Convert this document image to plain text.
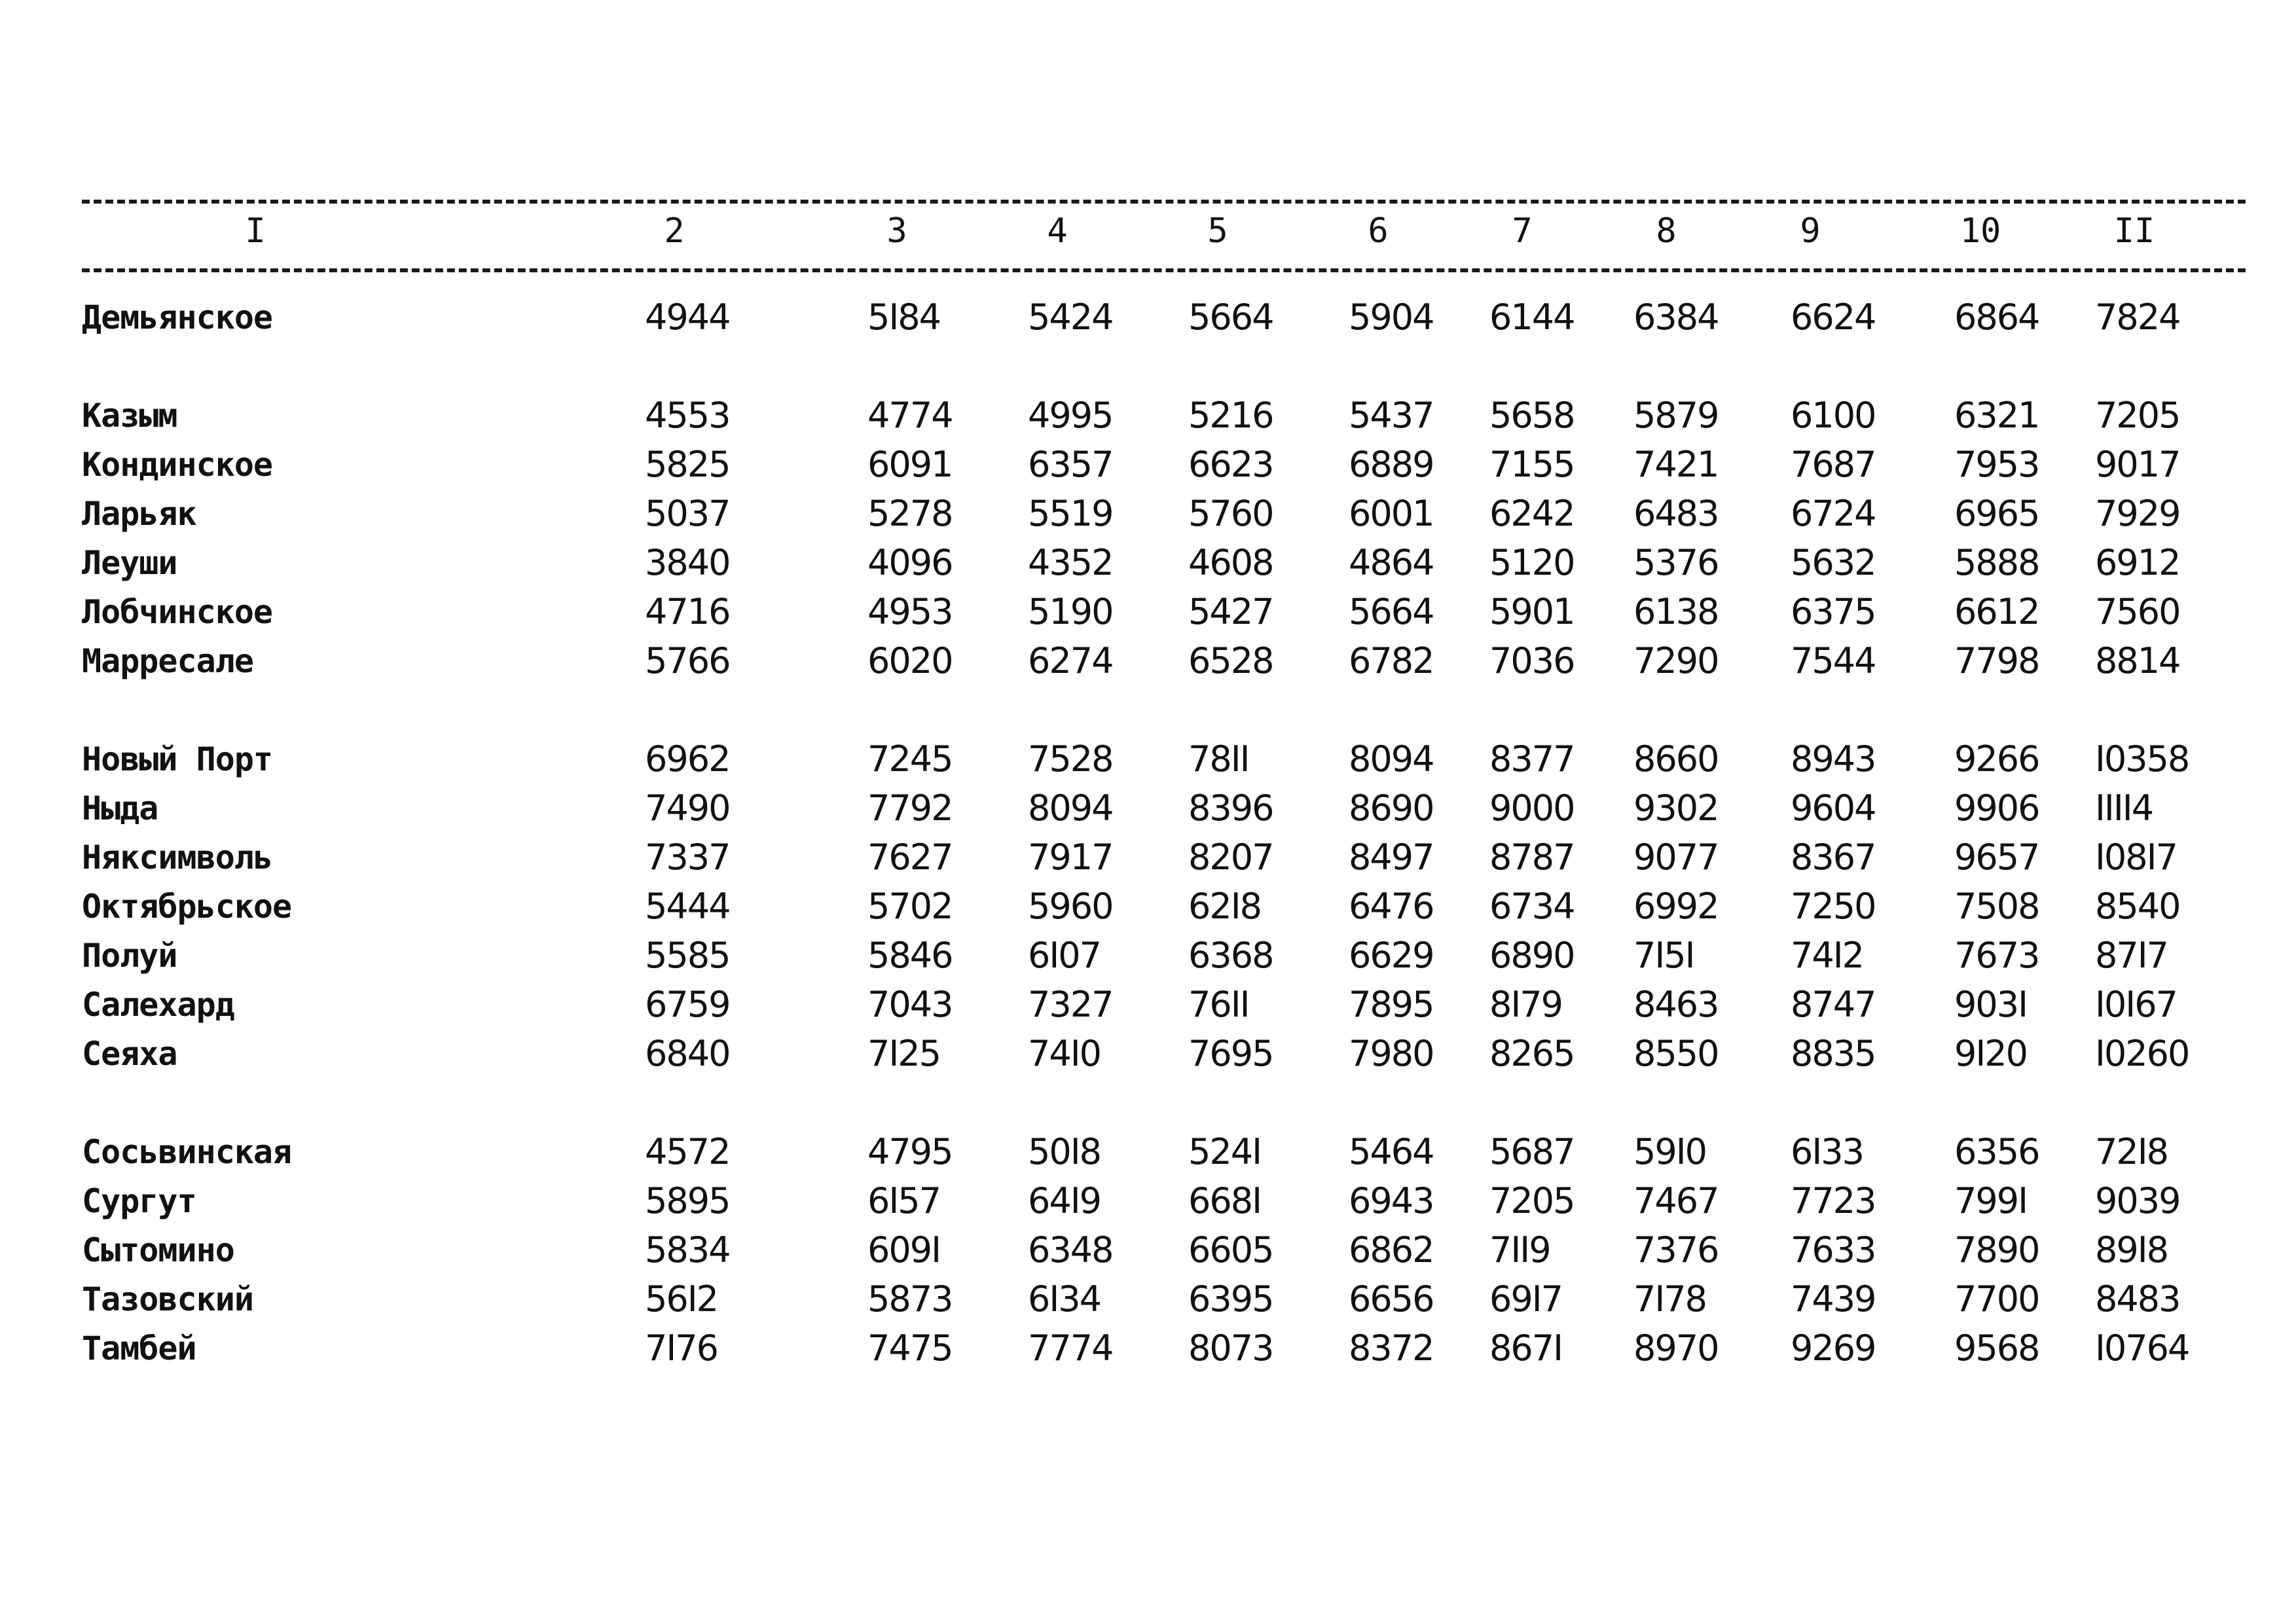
I	2	3	4	5	6	7	8	9	10	II
Демьянское	4944	5I84 5424 5664 5904 6144 6384 6624 6864 7824
Казым	4553	4774 4995 5216 5437 5658 5879 6100 6321 7205
Кондинское	5825	6091 6357 6623 6889 7155 7421 7687 7953 9017
Ларьяк	5037	5278 5519 5760 6001 6242 6483 6724 6965 7929
Леуши	3840	4096 4352 4608 4864 5120 5376 5632 5888 6912
Лобчинское	4716	4953 5190 5427 5664 5901 6138 6375 6612 7560
Марресале	5766	6020 6274 6528 6782 7036 7290 7544 7798 8814
Новый Порт	6962	7245 7528 78II	8094 8377 8660 8943 9266 I0358
Ныда	7490	7792 8094 8396 8690 9000 9302 9604 9906 IIII4
Няксимволь	7337	7627 7917 8207 8497 8787 9077 8367 9657 I08I7
Октябрьское	5444	5702 5960 62I8 6476 6734 6992 7250 7508 8540
Полуй	5585	5846 6I07 6368 6629 6890 7I5I	74I2	7673 87I7
Салехард	6759	7043 7327 76II	7895 8I79 8463 8747 903I I0I67
Сеяха	6840	7I25 74I0 7695 7980 8265 8550 8835 9I20 I0260
Сосьвинская	4572	4795 50I8 524I 5464 5687 59I0 6I33	6356 72I8
Сургут	5895	6I57 64I9 668I 6943 7205 7467 7723 799I 9039
Сытомино	5834	609I 6348 6605 6862 7II9 7376 7633 7890 89I8
Тазовский	56I2	5873 6I34 6395 6656 69I7 7I78 7439 7700 8483
Тамбей	7I76	7475 7774 8073 8372 867I 8970 9269 9568 I0764
